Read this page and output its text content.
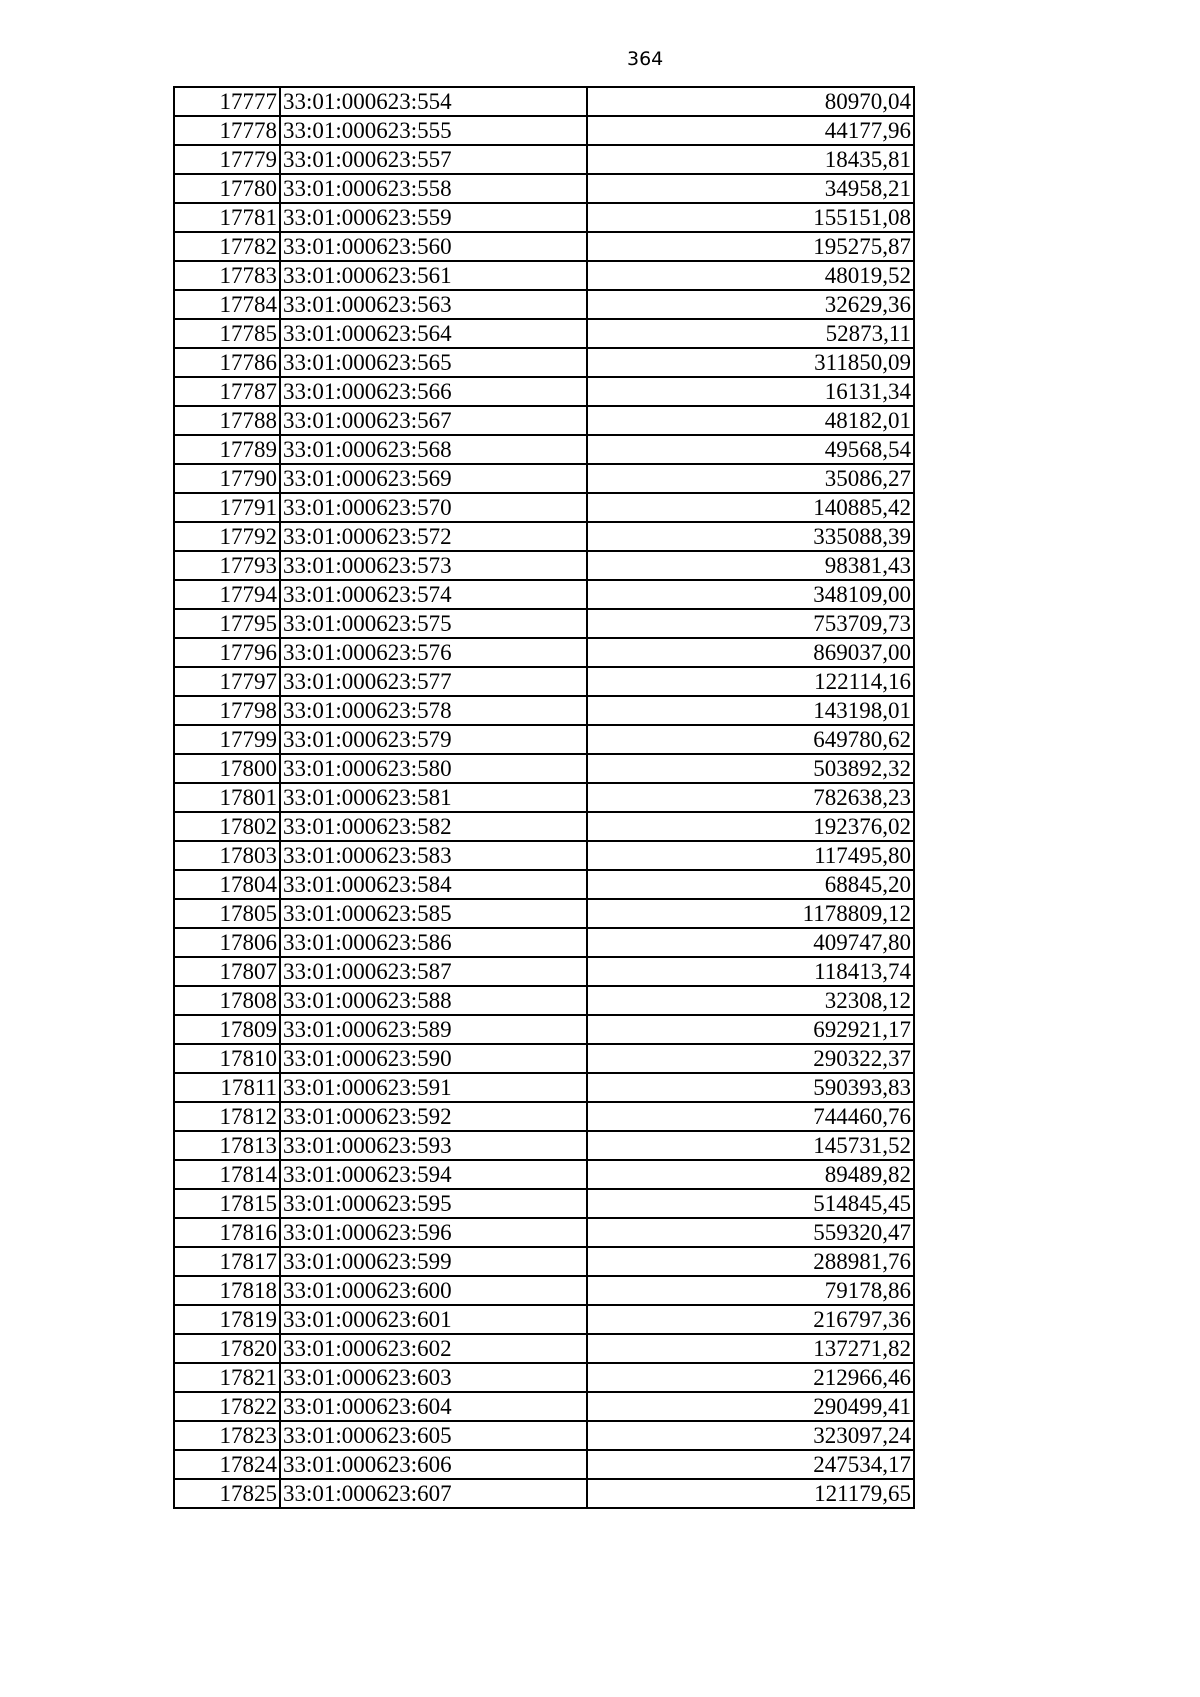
364
17777	33:01:000623:554	80970,04
17778	33:01:000623:555	44177,96
17779	33:01:000623:557	18435,81
17780	33:01:000623:558	34958,21
17781	33:01:000623:559	155151,08
17782	33:01:000623:560	195275,87
17783	33:01:000623:561	48019,52
17784	33:01:000623:563	32629,36
17785	33:01:000623:564	52873,11
17786	33:01:000623:565	311850,09
17787	33:01:000623:566	16131,34
17788	33:01:000623:567	48182,01
17789	33:01:000623:568	49568,54
17790	33:01:000623:569	35086,27
17791	33:01:000623:570	140885,42
17792	33:01:000623:572	335088,39
17793	33:01:000623:573	98381,43
17794	33:01:000623:574	348109,00
17795	33:01:000623:575	753709,73
17796	33:01:000623:576	869037,00
17797	33:01:000623:577	122114,16
17798	33:01:000623:578	143198,01
17799	33:01:000623:579	649780,62
17800	33:01:000623:580	503892,32
17801	33:01:000623:581	782638,23
17802	33:01:000623:582	192376,02
17803	33:01:000623:583	117495,80
17804	33:01:000623:584	68845,20
17805	33:01:000623:585	1178809,12
17806	33:01:000623:586	409747,80
17807	33:01:000623:587	118413,74
17808	33:01:000623:588	32308,12
17809	33:01:000623:589	692921,17
17810	33:01:000623:590	290322,37
17811	33:01:000623:591	590393,83
17812	33:01:000623:592	744460,76
17813	33:01:000623:593	145731,52
17814	33:01:000623:594	89489,82
17815	33:01:000623:595	514845,45
17816	33:01:000623:596	559320,47
17817	33:01:000623:599	288981,76
17818	33:01:000623:600	79178,86
17819	33:01:000623:601	216797,36
17820	33:01:000623:602	137271,82
17821	33:01:000623:603	212966,46
17822	33:01:000623:604	290499,41
17823	33:01:000623:605	323097,24
17824	33:01:000623:606	247534,17
17825	33:01:000623:607	121179,65
